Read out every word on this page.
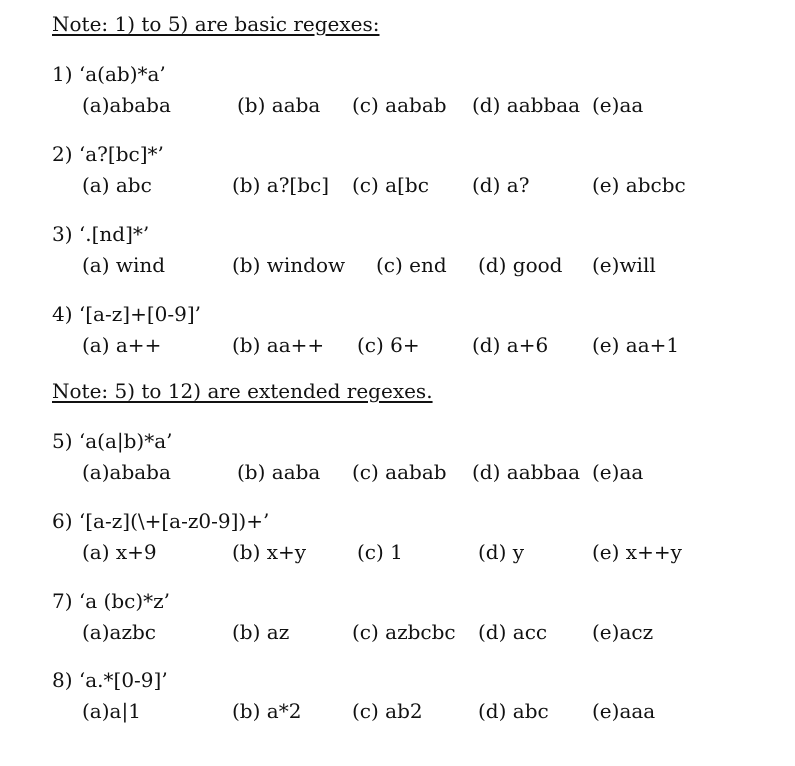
Note: 1) to 5) are basic regexes:
1) ‘a(ab)*a’
(a)ababa	(b) aaba (c) aabab (d) aabbaa (e)aa
2) ‘a?[bc]*’
(a) abc	(b) a?[bc] (c) a[bc (d) a?	(e) abcbc
3) ‘.[nd]*’
(a) wind	(b) window (c) end (d) good (e)will
4) ‘[a-z]+[0-9]’
(a) a++	(b) aa++ (c) 6+	(d) a+6 (e) aa+1
Note: 5) to 12) are extended regexes.
5) ‘a(a|b)*a’
(a)ababa	(b) aaba (c) aabab (d) aabbaa (e)aa
6) ‘[a-z](\+[a-z0-9])+’
(a) x+9	(b) x+y	(c) 1	(d) y	(e) x++y
7) ‘a (bc)*z’
(a)azbc	(b) az	(c) azbcbc (d) acc (e)acz
8) ‘a.*[0-9]’
(a)a|1	(b) a*2	(c) ab2	(d) abc (e)aaa
